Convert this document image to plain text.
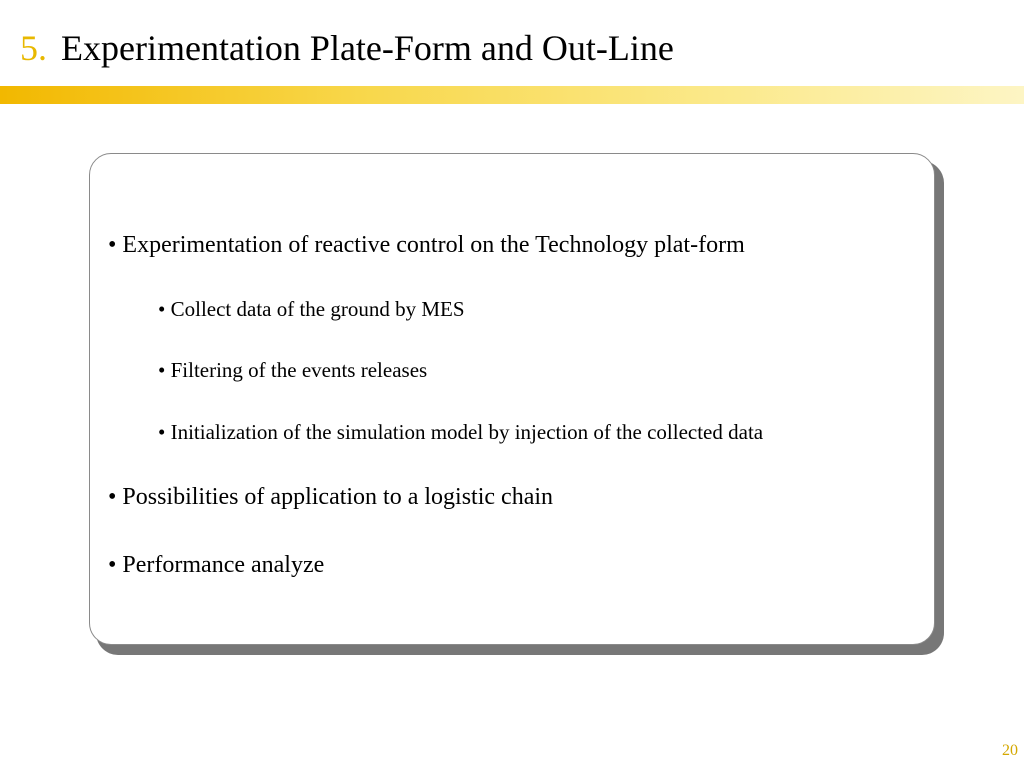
5. Experimentation Plate-Form and Out-Line
• Experimentation of reactive control on the Technology plat-form
• Collect data of the ground by MES
• Filtering of the events releases
• Initialization of the simulation model by injection of the collected data
• Possibilities of application to a logistic chain
• Performance analyze
20
